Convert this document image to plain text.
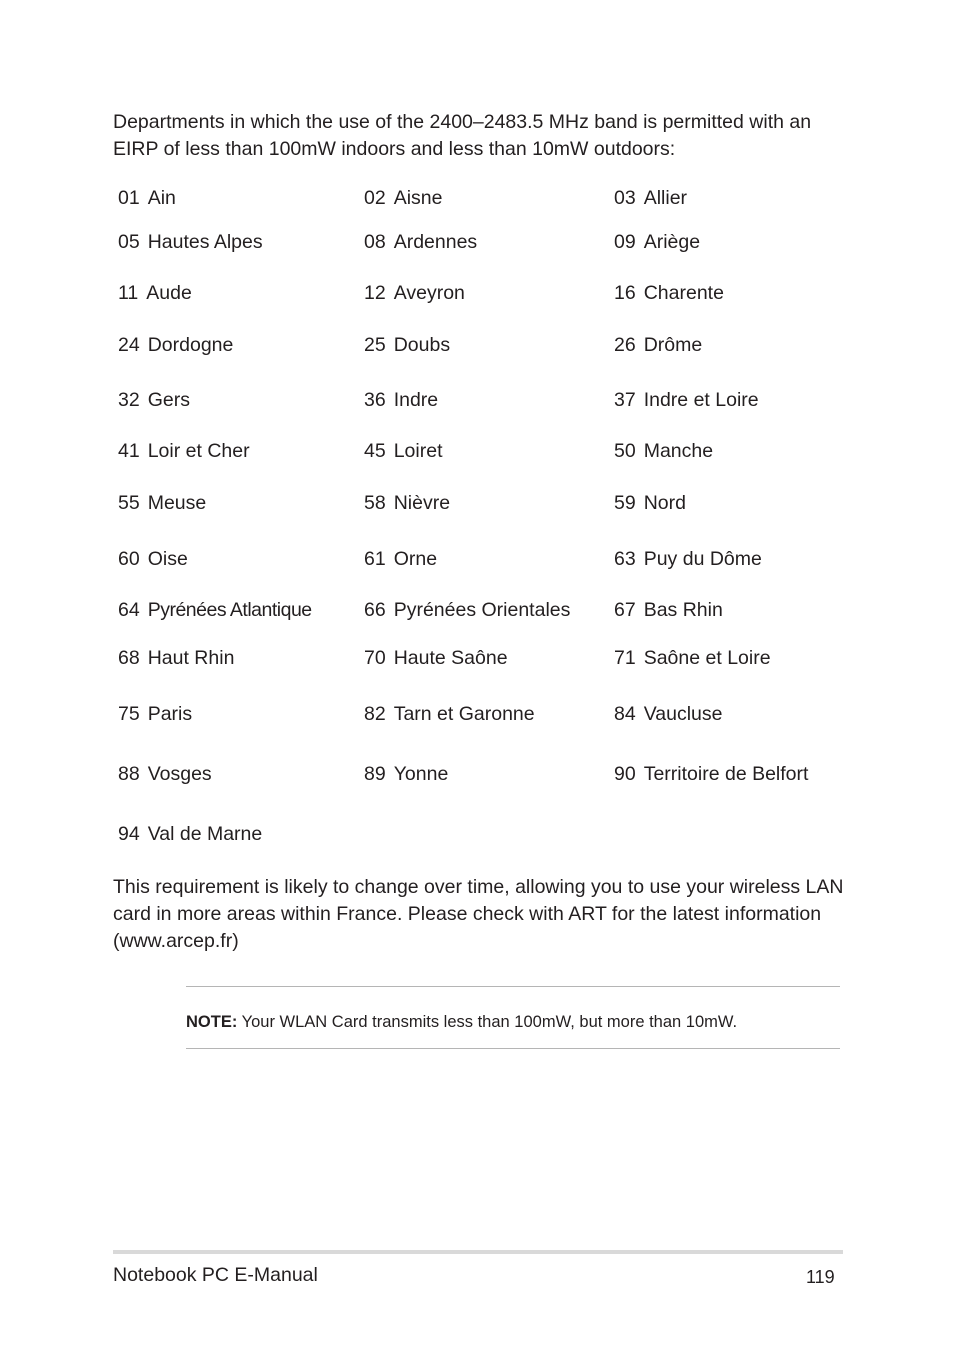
Departments in which the use of the 2400–2483.5 MHz band is permitted with an EIRP of less than 100mW indoors and less than 10mW outdoors:

01 Ain	02 Aisne	03 Allier
05 Hautes Alpes	08 Ardennes	09 Ariège
11 Aude	12 Aveyron	16 Charente
24 Dordogne	25 Doubs	26 Drôme
32 Gers	36 Indre	37 Indre et Loire
41 Loir et Cher	45 Loiret	50 Manche
55 Meuse	58 Nièvre	59 Nord
60 Oise	61 Orne	63 Puy du Dôme
64 Pyrénées Atlantique	66 Pyrénées Orientales 67 Bas Rhin
68 Haut Rhin	70 Haute Saône	71 Saône et Loire
75 Paris	82 Tarn et Garonne	84 Vaucluse
88 Vosges	89 Yonne	90 Territoire de Belfort
94 Val de Marne

This requirement is likely to change over time, allowing you to use your wireless LAN card in more areas within France. Please check with ART for the latest information (www.arcep.fr)

NOTE: Your WLAN Card transmits less than 100mW, but more than 10mW.

Notebook PC E-Manual	119
